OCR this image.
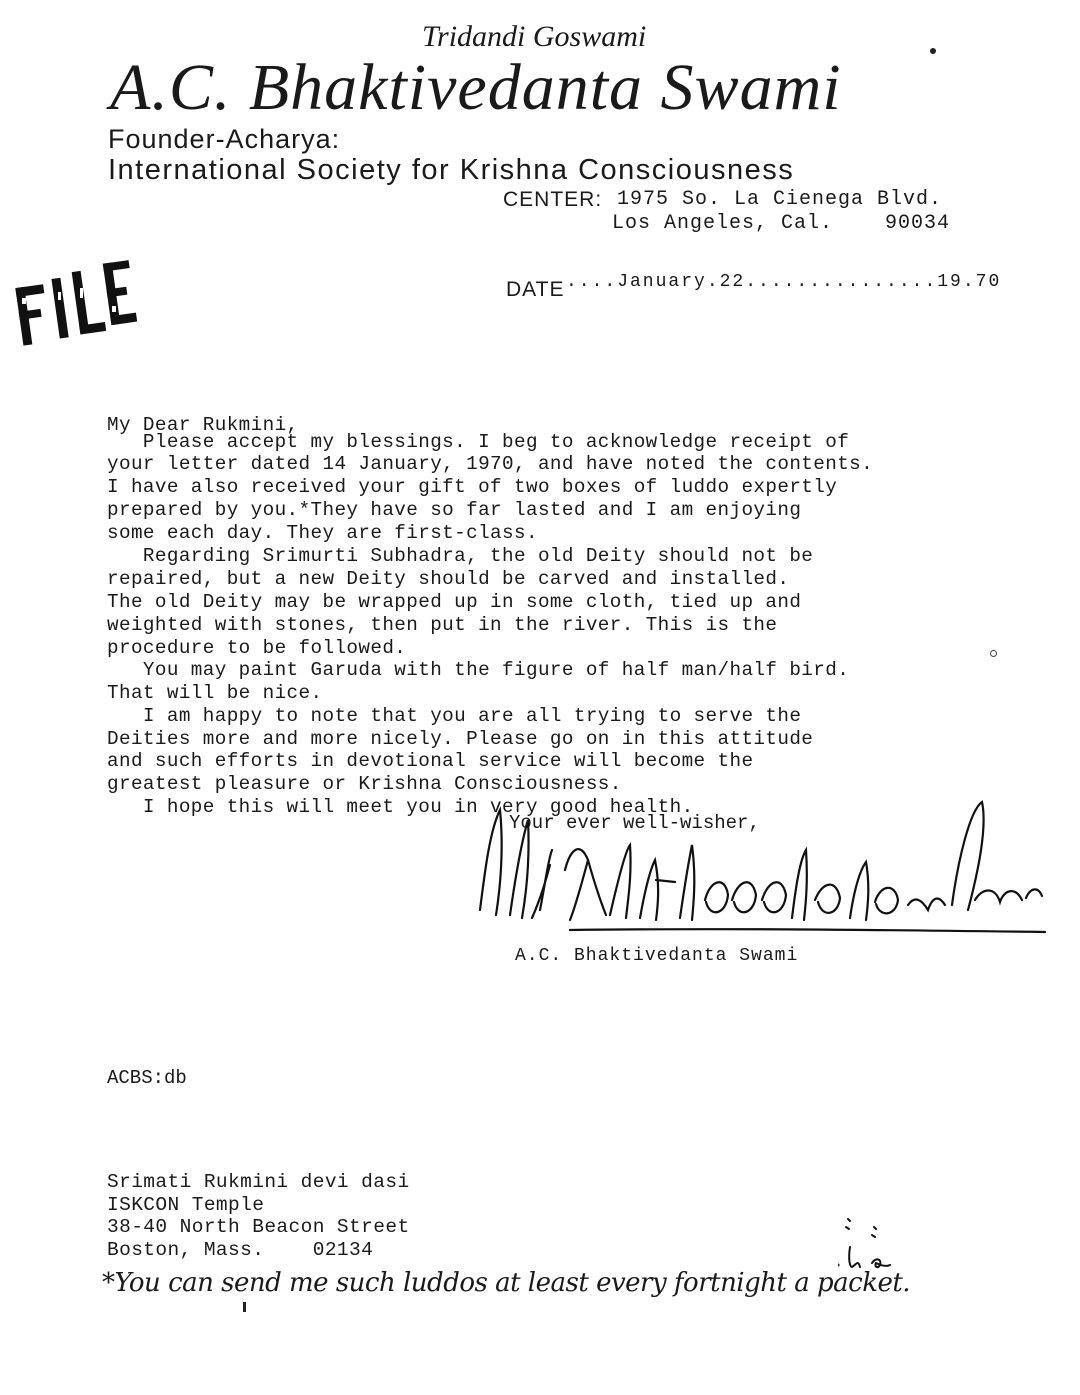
Tridandi Goswami
A.C. Bhaktivedanta Swami
Founder-Acharya:
International Society for Krishna Consciousness
CENTER: 1975 So. La Cienega Blvd.
Los Angeles, Cal.    90034
DATE ....January.22...............19.70
My Dear Rukmini,
Please accept my blessings. I beg to acknowledge receipt of
your letter dated 14 January, 1970, and have noted the contents.
I have also received your gift of two boxes of luddo expertly
prepared by you.*They have so far lasted and I am enjoying
some each day. They are first-class.
Regarding Srimurti Subhadra, the old Deity should not be
repaired, but a new Deity should be carved and installed.
The old Deity may be wrapped up in some cloth, tied up and
weighted with stones, then put in the river. This is the
procedure to be followed.
You may paint Garuda with the figure of half man/half bird.
That will be nice.
I am happy to note that you are all trying to serve the
Deities more and more nicely. Please go on in this attitude
and such efforts in devotional service will become the
greatest pleasure or Krishna Consciousness.
I hope this will meet you in very good health.
Your ever well-wisher,
A.C. Bhaktivedanta Swami
ACBS:db
Srimati Rukmini devi dasi
ISKCON Temple
38-40 North Beacon Street
Boston, Mass.    02134
*You can send me such luddos at least every fortnight a packet.
